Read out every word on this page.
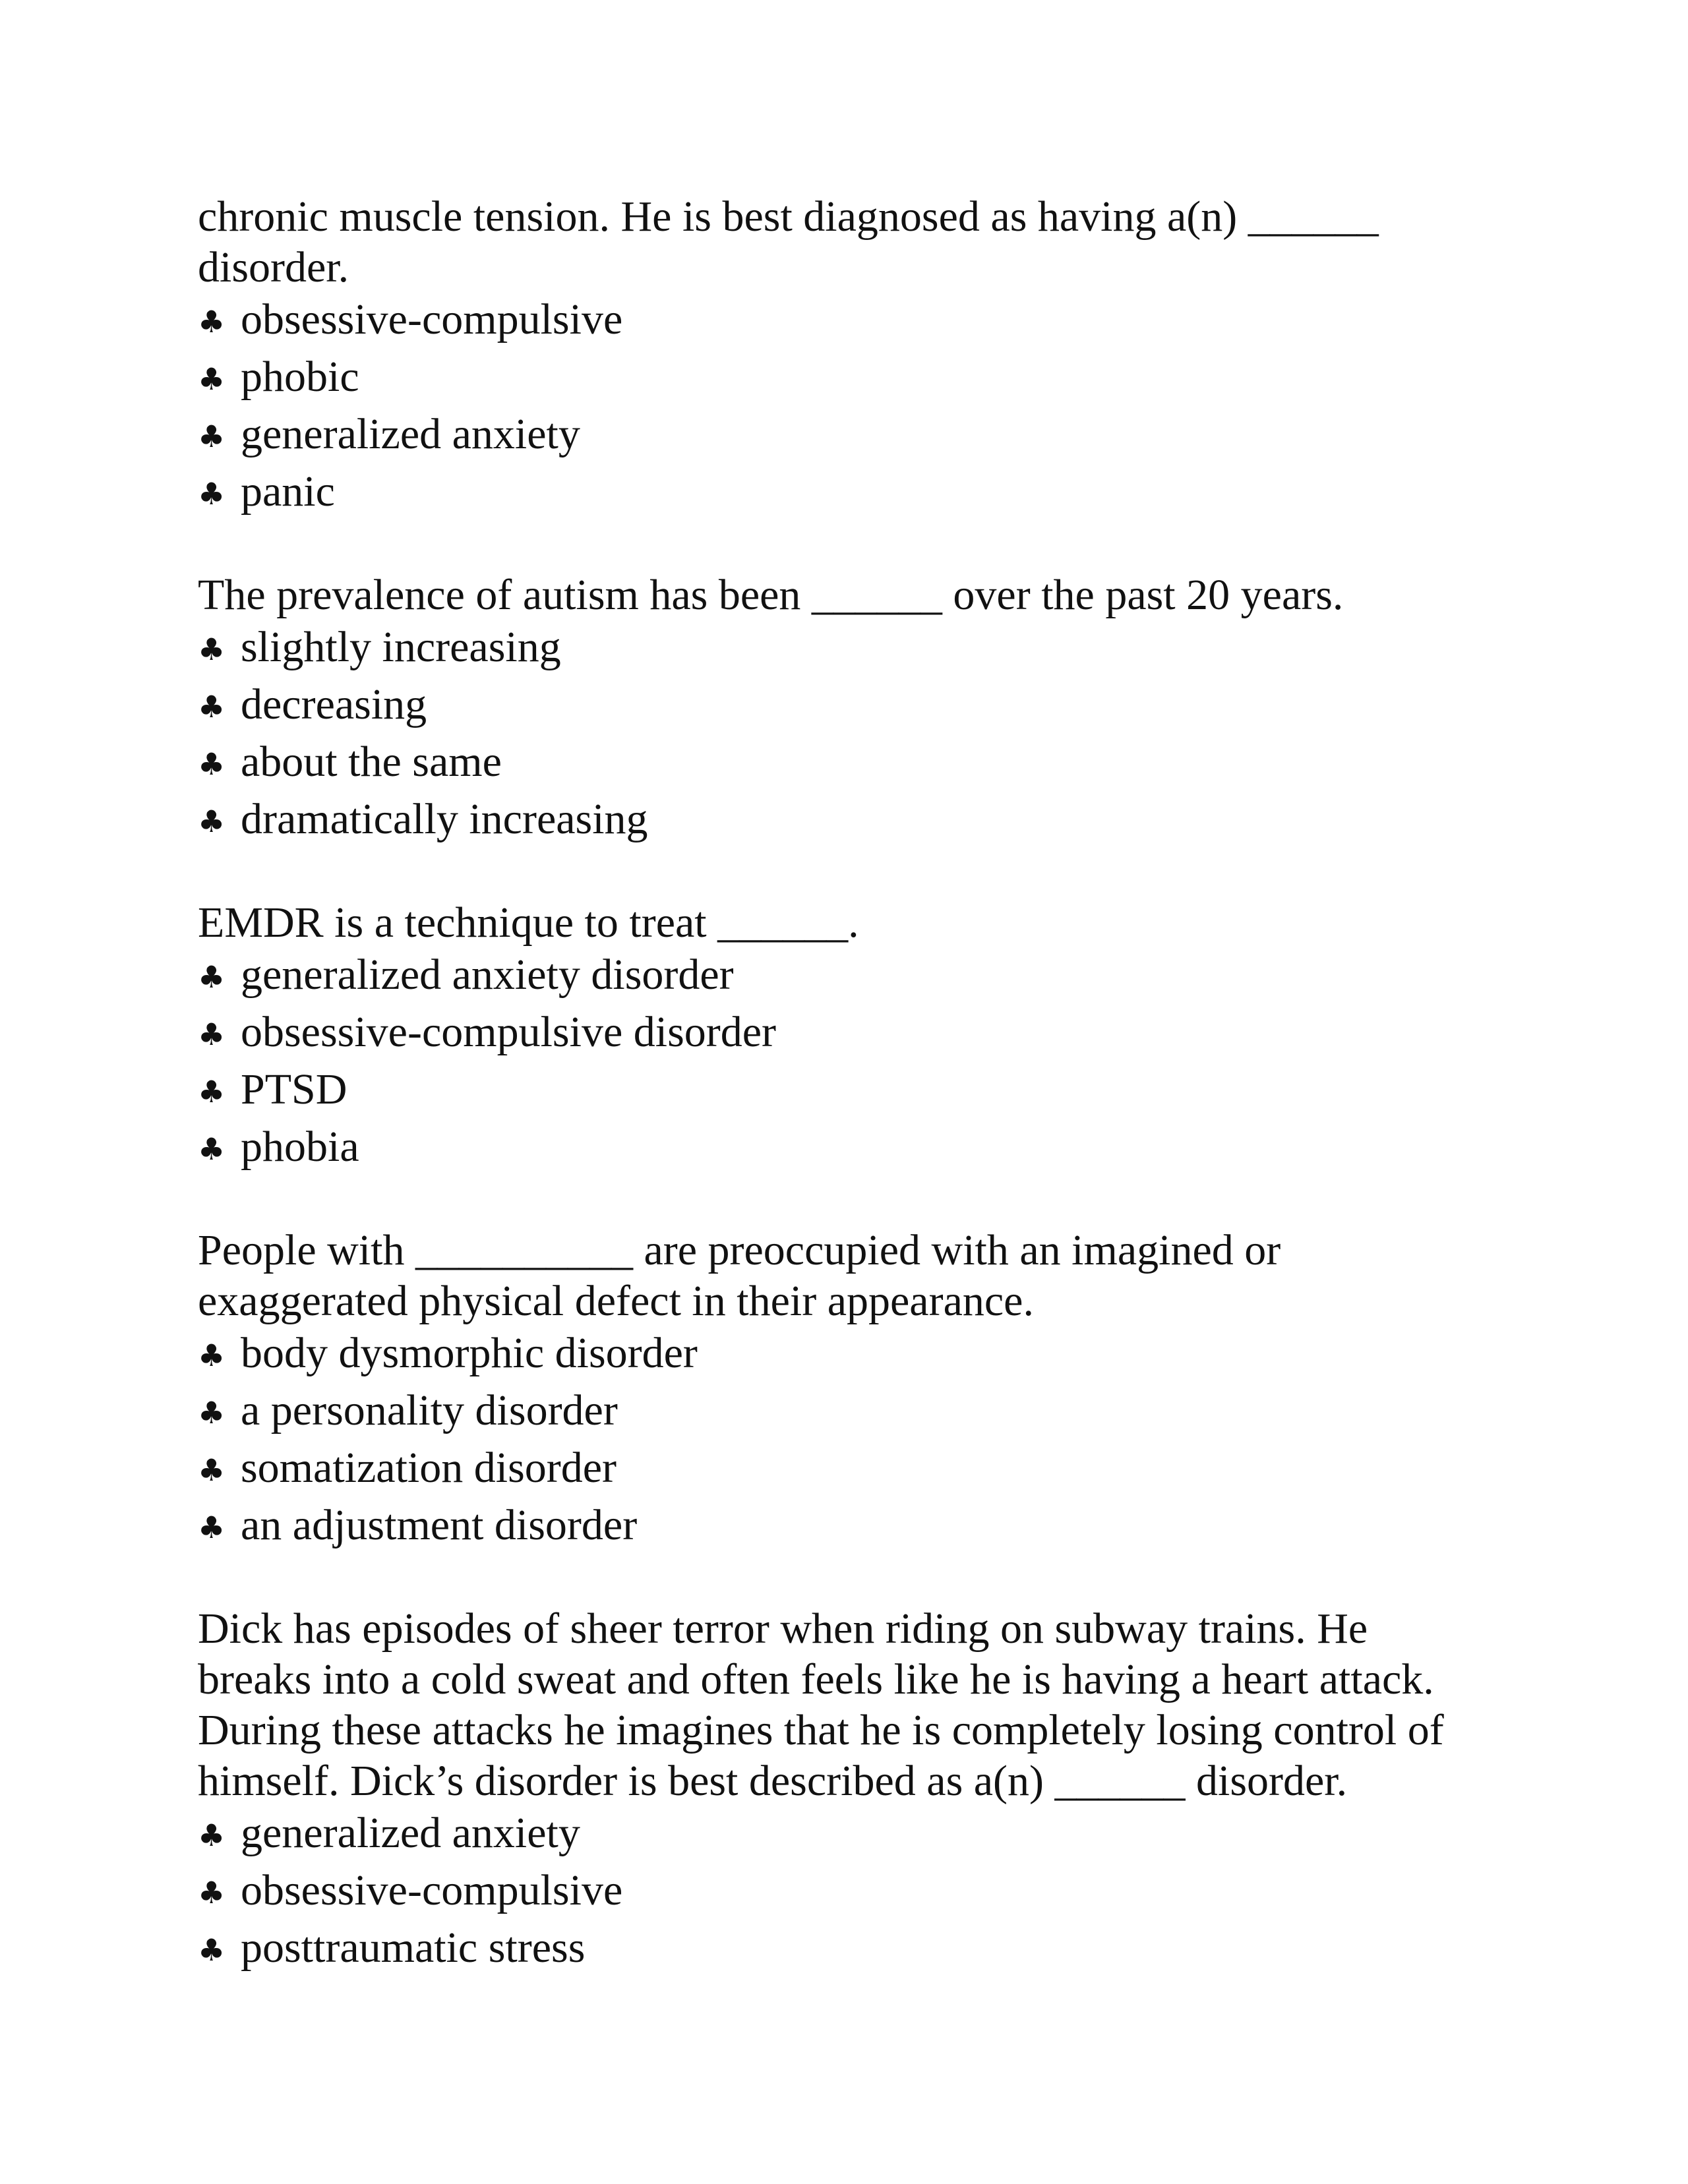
chronic muscle tension. He is best diagnosed as having a(n) ______
disorder.

♣ obsessive-compulsive
♣ phobic
♣ generalized anxiety
♣ panic

The prevalence of autism has been ______ over the past 20 years.

♣ slightly increasing
♣ decreasing
♣ about the same
♣ dramatically increasing

EMDR is a technique to treat ______.

♣ generalized anxiety disorder
♣ obsessive-compulsive disorder
♣ PTSD
♣ phobia

People with __________ are preoccupied with an imagined or
exaggerated physical defect in their appearance.

♣ body dysmorphic disorder
♣ a personality disorder
♣ somatization disorder
♣ an adjustment disorder

Dick has episodes of sheer terror when riding on subway trains. He
breaks into a cold sweat and often feels like he is having a heart attack.
During these attacks he imagines that he is completely losing control of
himself. Dick’s disorder is best described as a(n) ______ disorder.

♣ generalized anxiety
♣ obsessive-compulsive
♣ posttraumatic stress
